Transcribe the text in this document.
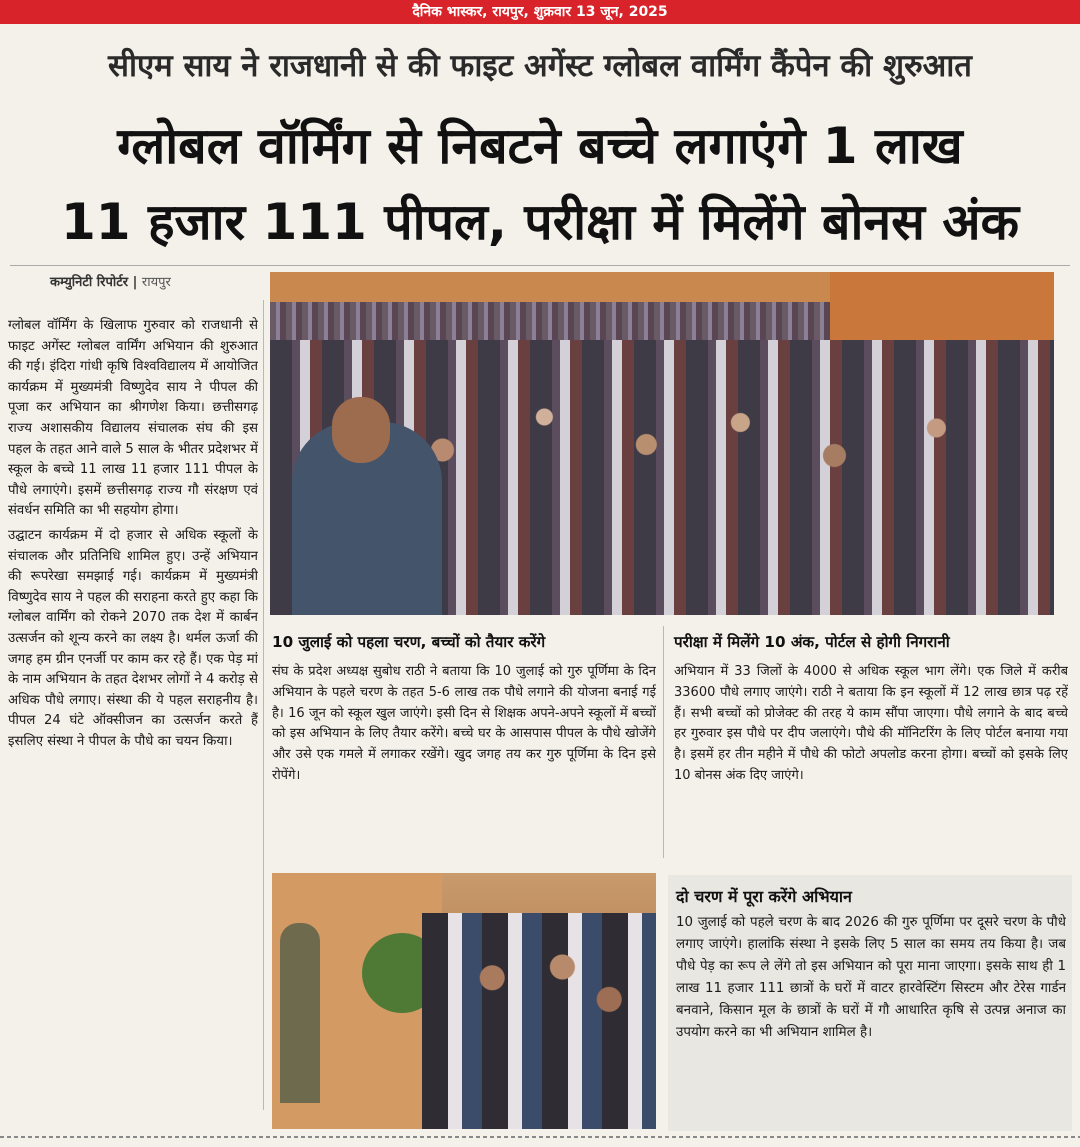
दैनिक भास्कर, रायपुर, शुक्रवार 13 जून, 2025
सीएम साय ने राजधानी से की फाइट अगेंस्ट ग्लोबल वार्मिंग कैंपेन की शुरुआत
ग्लोबल वॉर्मिंग से निबटने बच्चे लगाएंगे 1 लाख
11 हजार 111 पीपल, परीक्षा में मिलेंगे बोनस अंक
कम्युनिटी रिपोर्टर | रायपुर

ग्लोबल वॉर्मिंग के खिलाफ गुरुवार को राजधानी से फाइट अगेंस्ट ग्लोबल वार्मिंग अभियान की शुरुआत की गई। इंदिरा गांधी कृषि विश्वविद्यालय में आयोजित कार्यक्रम में मुख्यमंत्री विष्णुदेव साय ने पीपल की पूजा कर अभियान का श्रीगणेश किया। छत्तीसगढ़ राज्य अशासकीय विद्यालय संचालक संघ की इस पहल के तहत आने वाले 5 साल के भीतर प्रदेशभर में स्कूल के बच्चे 11 लाख 11 हजार 111 पीपल के पौधे लगाएंगे। इसमें छत्तीसगढ़ राज्य गौ संरक्षण एवं संवर्धन समिति का भी सहयोग होगा।

उद्घाटन कार्यक्रम में दो हजार से अधिक स्कूलों के संचालक और प्रतिनिधि शामिल हुए। उन्हें अभियान की रूपरेखा समझाई गई। कार्यक्रम में मुख्यमंत्री विष्णुदेव साय ने पहल की सराहना करते हुए कहा कि ग्लोबल वार्मिंग को रोकने 2070 तक देश में कार्बन उत्सर्जन को शून्य करने का लक्ष्य है। थर्मल ऊर्जा की जगह हम ग्रीन एनर्जी पर काम कर रहे हैं। एक पेड़ मां के नाम अभियान के तहत देशभर लोगों ने 4 करोड़ से अधिक पौधे लगाए। संस्था की ये पहल सराहनीय है। पीपल 24 घंटे ऑक्सीजन का उत्सर्जन करते हैं इसलिए संस्था ने पीपल के पौधे का चयन किया।

10 जुलाई को पहला चरण, बच्चों को तैयार करेंगे
संघ के प्रदेश अध्यक्ष सुबोध राठी ने बताया कि 10 जुलाई को गुरु पूर्णिमा के दिन अभियान के पहले चरण के तहत 5-6 लाख तक पौधे लगाने की योजना बनाई गई है। 16 जून को स्कूल खुल जाएंगे। इसी दिन से शिक्षक अपने-अपने स्कूलों में बच्चों को इस अभियान के लिए तैयार करेंगे। बच्चे घर के आसपास पीपल के पौधे खोजेंगे और उसे एक गमले में लगाकर रखेंगे। खुद जगह तय कर गुरु पूर्णिमा के दिन इसे रोपेंगे।
परीक्षा में मिलेंगे 10 अंक, पोर्टल से होगी निगरानी
अभियान में 33 जिलों के 4000 से अधिक स्कूल भाग लेंगे। एक जिले में करीब 33600 पौधे लगाए जाएंगे। राठी ने बताया कि इन स्कूलों में 12 लाख छात्र पढ़ रहें हैं। सभी बच्चों को प्रोजेक्ट की तरह ये काम सौंपा जाएगा। पौधे लगाने के बाद बच्चे हर गुरुवार इस पौधे पर दीप जलाएंगे। पौधे की मॉनिटरिंग के लिए पोर्टल बनाया गया है। इसमें हर तीन महीने में पौधे की फोटो अपलोड करना होगा। बच्चों को इसके लिए 10 बोनस अंक दिए जाएंगे।
दो चरण में पूरा करेंगे अभियान
10 जुलाई को पहले चरण के बाद 2026 की गुरु पूर्णिमा पर दूसरे चरण के पौधे लगाए जाएंगे। हालांकि संस्था ने इसके लिए 5 साल का समय तय किया है। जब पौधे पेड़ का रूप ले लेंगे तो इस अभियान को पूरा माना जाएगा। इसके साथ ही 1 लाख 11 हजार 111 छात्रों के घरों में वाटर हारवेस्टिंग सिस्टम और टेरेस गार्डन बनवाने, किसान मूल के छात्रों के घरों में गौ आधारित कृषि से उत्पन्न अनाज का उपयोग करने का भी अभियान शामिल है।
